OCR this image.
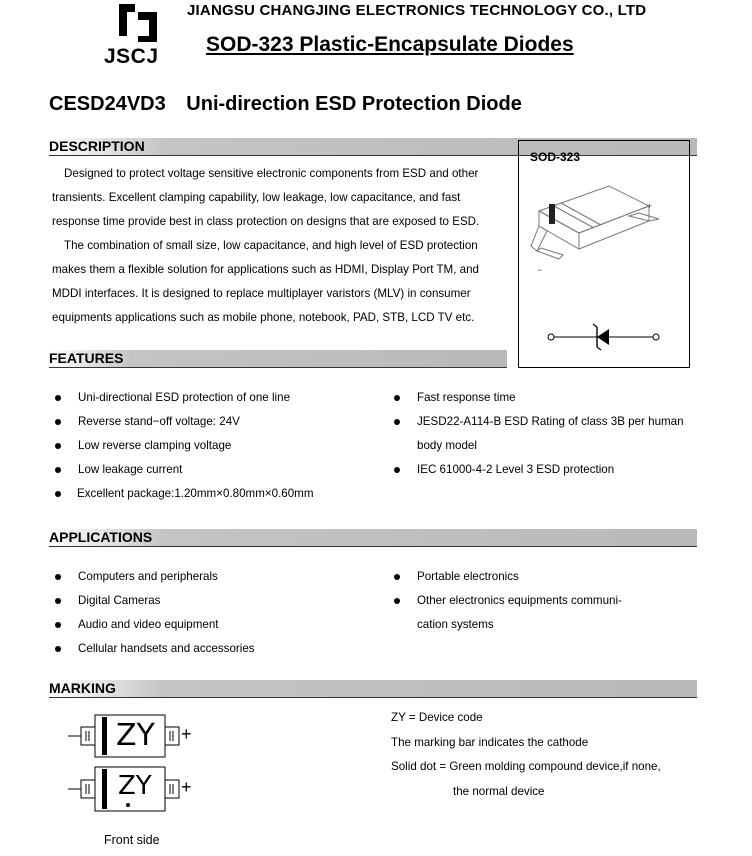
JSCJ
JIANGSU CHANGJING ELECTRONICS TECHNOLOGY CO., LTD
SOD-323 Plastic-Encapsulate Diodes
CESD24VD3 Uni-direction ESD Protection Diode
DESCRIPTION

Designed to protect voltage sensitive electronic components from ESD and other

transients. Excellent clamping capability, low leakage, low capacitance, and fast

response time provide best in class protection on designs that are exposed to ESD.

The combination of small size, low capacitance, and high level of ESD protection

makes them a flexible solution for applications such as HDMI, Display Port TM, and

MDDI interfaces. It is designed to replace multiplayer varistors (MLV) in consumer

equipments applications such as mobile phone, notebook, PAD, STB, LCD TV etc.

SOD-323
+
−
FEATURES
Uni-directional ESD protection of one line
Reverse stand−off voltage: 24V
Low reverse clamping voltage
Low leakage current
Excellent package:1.20mm×0.80mm×0.60mm
Fast response time
JESD22-A114-B ESD Rating of class 3B per human
body model
IEC 61000-4-2 Level 3 ESD protection
APPLICATIONS
Computers and peripherals
Digital Cameras
Audio and video equipment
Cellular handsets and accessories
Portable electronics
Other electronics equipments communi-
cation systems
MARKING
+
ZY
+
ZY
ZY = Device code
The marking bar indicates the cathode
Solid dot = Green molding compound device,if none,
the normal device
Front side
